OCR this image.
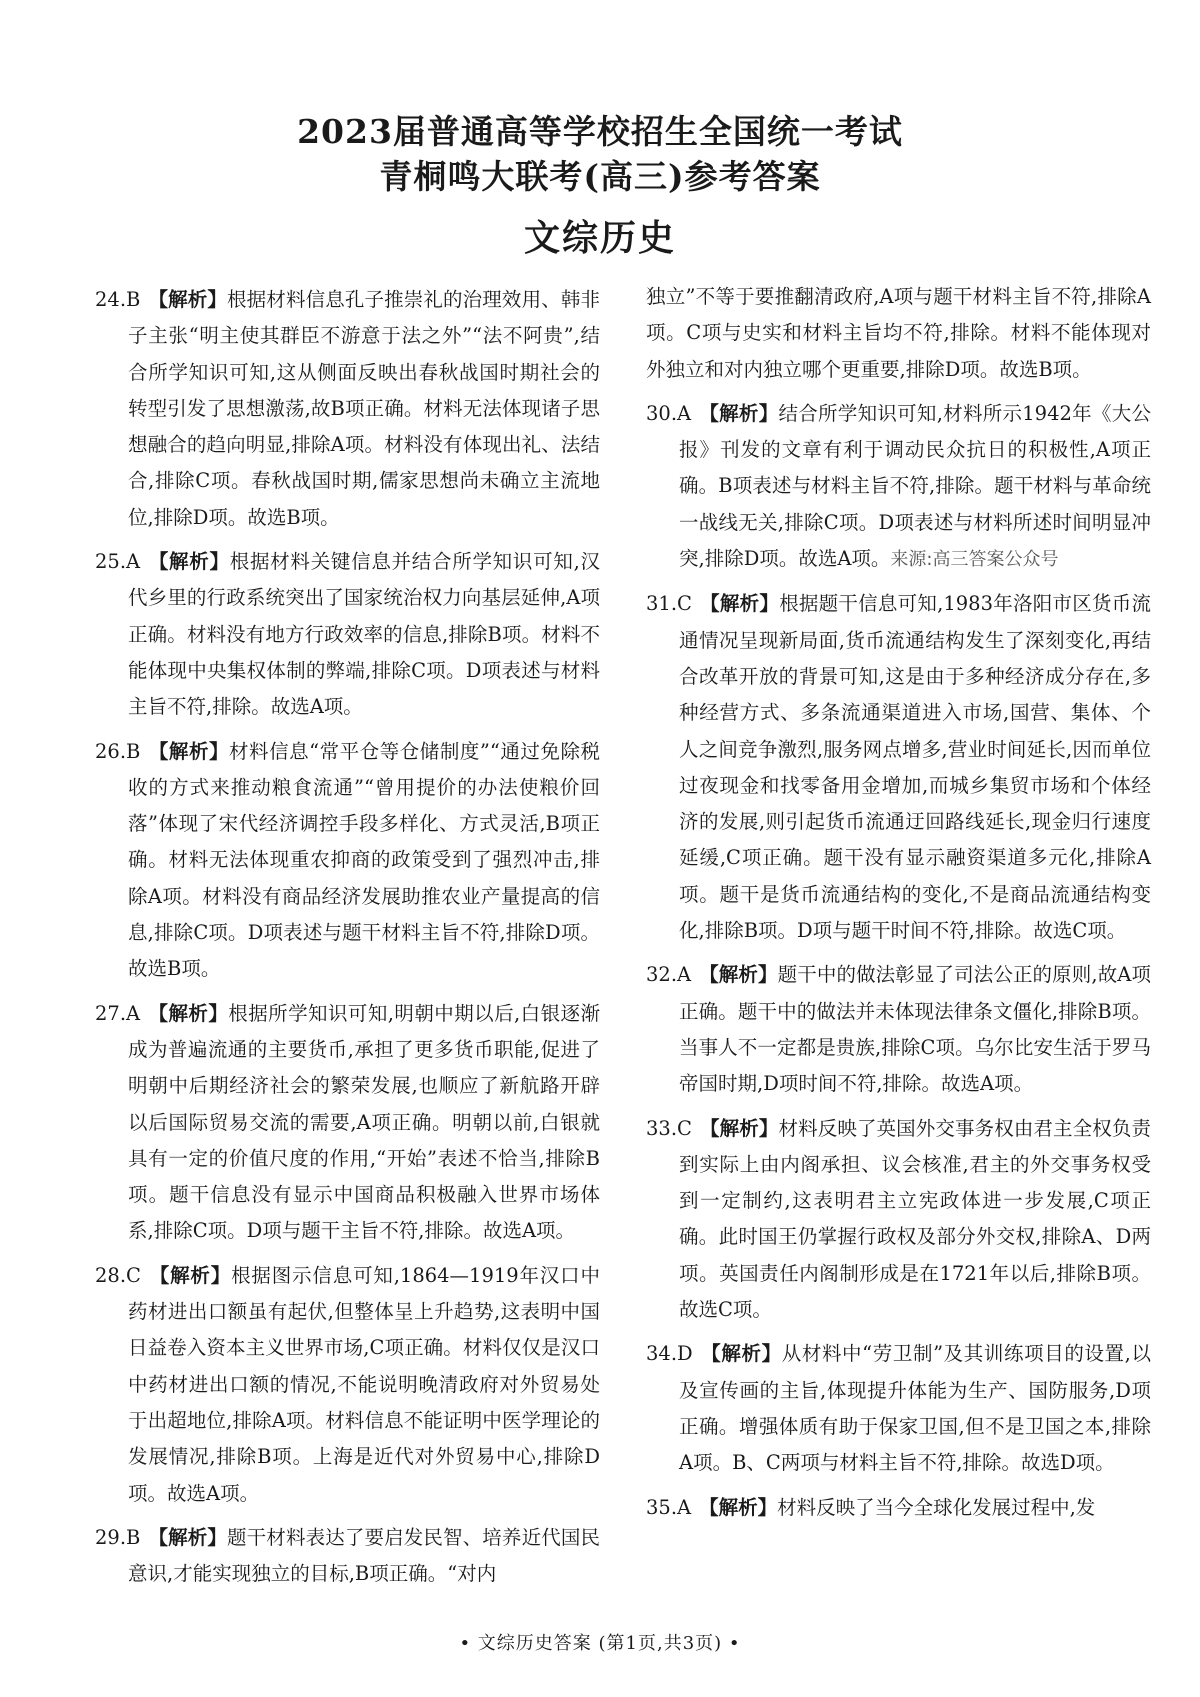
2023届普通高等学校招生全国统一考试
青桐鸣大联考(高三)参考答案
文综历史

24.B 【解析】根据材料信息孔子推崇礼的治理效用、韩非子主张“明主使其群臣不游意于法之外”“法不阿贵”,结合所学知识可知,这从侧面反映出春秋战国时期社会的转型引发了思想激荡,故B项正确。材料无法体现诸子思想融合的趋向明显,排除A项。材料没有体现出礼、法结合,排除C项。春秋战国时期,儒家思想尚未确立主流地位,排除D项。故选B项。

25.A 【解析】根据材料关键信息并结合所学知识可知,汉代乡里的行政系统突出了国家统治权力向基层延伸,A项正确。材料没有地方行政效率的信息,排除B项。材料不能体现中央集权体制的弊端,排除C项。D项表述与材料主旨不符,排除。故选A项。

26.B 【解析】材料信息“常平仓等仓储制度”“通过免除税收的方式来推动粮食流通”“曾用提价的办法使粮价回落”体现了宋代经济调控手段多样化、方式灵活,B项正确。材料无法体现重农抑商的政策受到了强烈冲击,排除A项。材料没有商品经济发展助推农业产量提高的信息,排除C项。D项表述与题干材料主旨不符,排除D项。故选B项。

27.A 【解析】根据所学知识可知,明朝中期以后,白银逐渐成为普遍流通的主要货币,承担了更多货币职能,促进了明朝中后期经济社会的繁荣发展,也顺应了新航路开辟以后国际贸易交流的需要,A项正确。明朝以前,白银就具有一定的价值尺度的作用,“开始”表述不恰当,排除B项。题干信息没有显示中国商品积极融入世界市场体系,排除C项。D项与题干主旨不符,排除。故选A项。

28.C 【解析】根据图示信息可知,1864—1919年汉口中药材进出口额虽有起伏,但整体呈上升趋势,这表明中国日益卷入资本主义世界市场,C项正确。材料仅仅是汉口中药材进出口额的情况,不能说明晚清政府对外贸易处于出超地位,排除A项。材料信息不能证明中医学理论的发展情况,排除B项。上海是近代对外贸易中心,排除D项。故选A项。

29.B 【解析】题干材料表达了要启发民智、培养近代国民意识,才能实现独立的目标,B项正确。“对内

独立”不等于要推翻清政府,A项与题干材料主旨不符,排除A项。C项与史实和材料主旨均不符,排除。材料不能体现对外独立和对内独立哪个更重要,排除D项。故选B项。

30.A 【解析】结合所学知识可知,材料所示1942年《大公报》刊发的文章有利于调动民众抗日的积极性,A项正确。B项表述与材料主旨不符,排除。题干材料与革命统一战线无关,排除C项。D项表述与材料所述时间明显冲突,排除D项。故选A项。来源:高三答案公众号

31.C 【解析】根据题干信息可知,1983年洛阳市区货币流通情况呈现新局面,货币流通结构发生了深刻变化,再结合改革开放的背景可知,这是由于多种经济成分存在,多种经营方式、多条流通渠道进入市场,国营、集体、个人之间竞争激烈,服务网点增多,营业时间延长,因而单位过夜现金和找零备用金增加,而城乡集贸市场和个体经济的发展,则引起货币流通迂回路线延长,现金归行速度延缓,C项正确。题干没有显示融资渠道多元化,排除A项。题干是货币流通结构的变化,不是商品流通结构变化,排除B项。D项与题干时间不符,排除。故选C项。

32.A 【解析】题干中的做法彰显了司法公正的原则,故A项正确。题干中的做法并未体现法律条文僵化,排除B项。当事人不一定都是贵族,排除C项。乌尔比安生活于罗马帝国时期,D项时间不符,排除。故选A项。

33.C 【解析】材料反映了英国外交事务权由君主全权负责到实际上由内阁承担、议会核准,君主的外交事务权受到一定制约,这表明君主立宪政体进一步发展,C项正确。此时国王仍掌握行政权及部分外交权,排除A、D两项。英国责任内阁制形成是在1721年以后,排除B项。故选C项。

34.D 【解析】从材料中“劳卫制”及其训练项目的设置,以及宣传画的主旨,体现提升体能为生产、国防服务,D项正确。增强体质有助于保家卫国,但不是卫国之本,排除A项。B、C两项与材料主旨不符,排除。故选D项。

35.A 【解析】材料反映了当今全球化发展过程中,发

• 文综历史答案 (第1页,共3页) •
